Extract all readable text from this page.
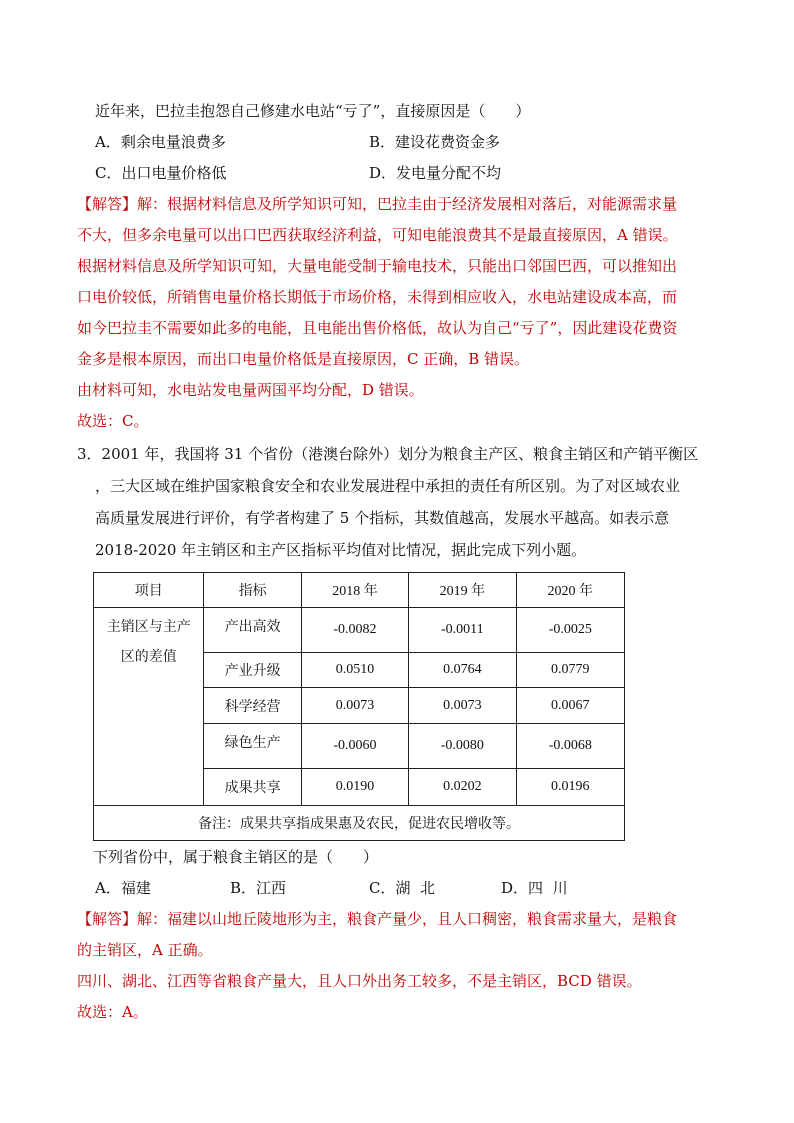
近年来，巴拉圭抱怨自己修建水电站“亏了”，直接原因是（　　）
A．剩余电量浪费多	B．建设花费资金多
C．出口电量价格低	D．发电量分配不均
【解答】解：根据材料信息及所学知识可知，巴拉圭由于经济发展相对落后，对能源需求量
不大，但多余电量可以出口巴西获取经济利益，可知电能浪费其不是最直接原因，A 错误。
根据材料信息及所学知识可知，大量电能受制于输电技术，只能出口邻国巴西，可以推知出
口电价较低，所销售电量价格长期低于市场价格，未得到相应收入，水电站建设成本高，而
如今巴拉圭不需要如此多的电能，且电能出售价格低，故认为自己“亏了”，因此建设花费资
金多是根本原因，而出口电量价格低是直接原因，C 正确，B 错误。
由材料可知，水电站发电量两国平均分配，D 错误。
故选：C。
3．2001 年，我国将 31 个省份（港澳台除外）划分为粮食主产区、粮食主销区和产销平衡区
，三大区域在维护国家粮食安全和农业发展进程中承担的责任有所区别。为了对区域农业
高质量发展进行评价，有学者构建了 5 个指标，其数值越高，发展水平越高。如表示意
2018-2020 年主销区和主产区指标平均值对比情况，据此完成下列小题。
项目	指标	2018 年	2019 年	2020 年

主销区与主产
区的差值	产出高效	-0.0082	-0.0011	-0.0025
	产业升级	0.0510	0.0764	0.0779
	科学经营	0.0073	0.0073	0.0067
	绿色生产	-0.0060	-0.0080	-0.0068
	成果共享	0.0190	0.0202	0.0196
备注：成果共享指成果惠及农民，促进农民增收等。				
下列省份中，属于粮食主销区的是（　　）
A．福建	B．江西	C．湖  北	D．四  川
【解答】解：福建以山地丘陵地形为主，粮食产量少，且人口稠密，粮食需求量大，是粮食
的主销区，A 正确。
四川、湖北、江西等省粮食产量大，且人口外出务工较多，不是主销区，BCD 错误。
故选：A。
